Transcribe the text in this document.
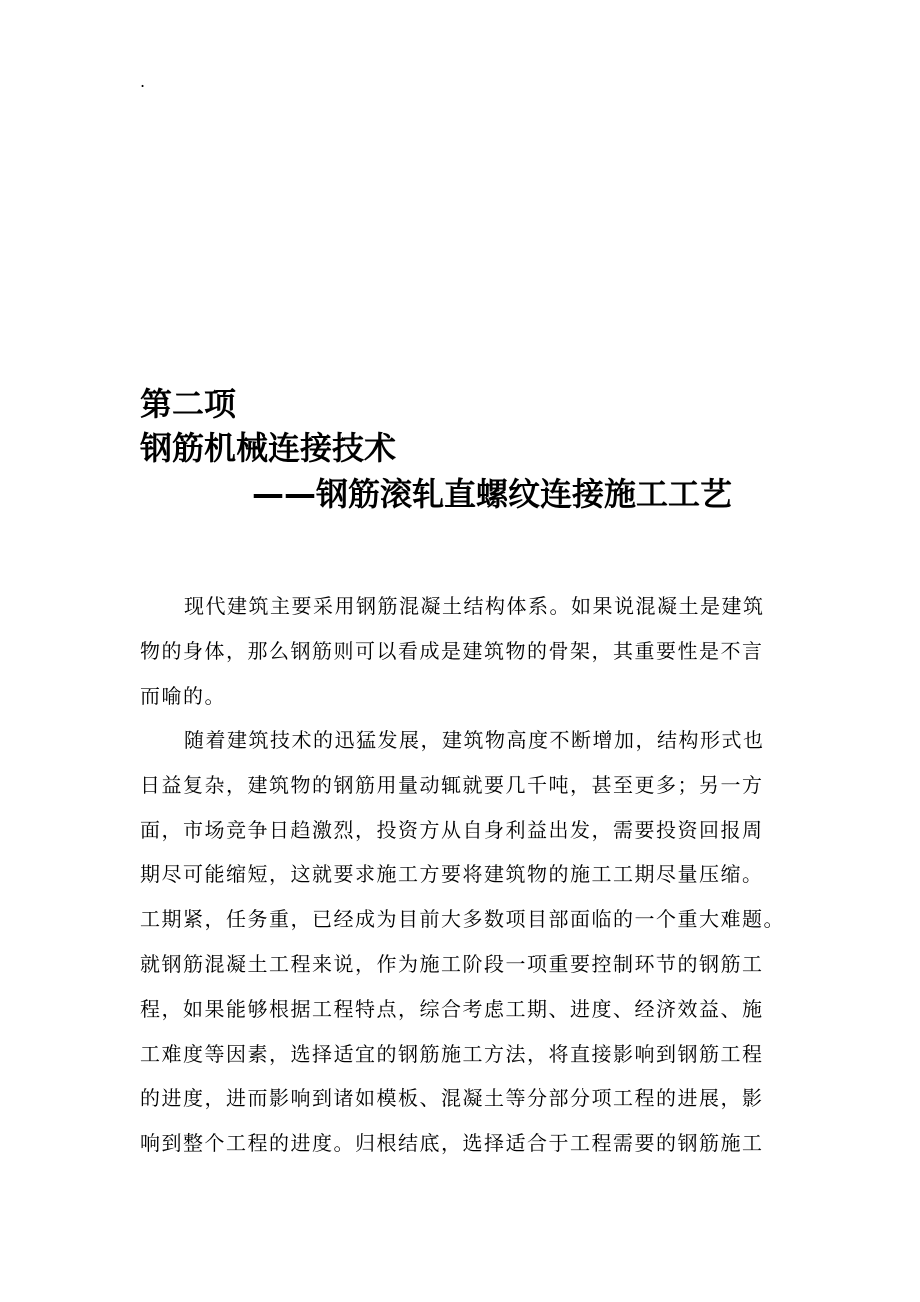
.
第二项
钢筋机械连接技术
——钢筋滚轧直螺纹连接施工工艺
现代建筑主要采用钢筋混凝土结构体系。如果说混凝土是建筑
物的身体，那么钢筋则可以看成是建筑物的骨架，其重要性是不言
而喻的。
随着建筑技术的迅猛发展，建筑物高度不断增加，结构形式也
日益复杂，建筑物的钢筋用量动辄就要几千吨，甚至更多；另一方
面，市场竞争日趋激烈，投资方从自身利益出发，需要投资回报周
期尽可能缩短，这就要求施工方要将建筑物的施工工期尽量压缩。
工期紧，任务重，已经成为目前大多数项目部面临的一个重大难题。
就钢筋混凝土工程来说，作为施工阶段一项重要控制环节的钢筋工
程，如果能够根据工程特点，综合考虑工期、进度、经济效益、施
工难度等因素，选择适宜的钢筋施工方法，将直接影响到钢筋工程
的进度，进而影响到诸如模板、混凝土等分部分项工程的进展，影
响到整个工程的进度。归根结底，选择适合于工程需要的钢筋施工
